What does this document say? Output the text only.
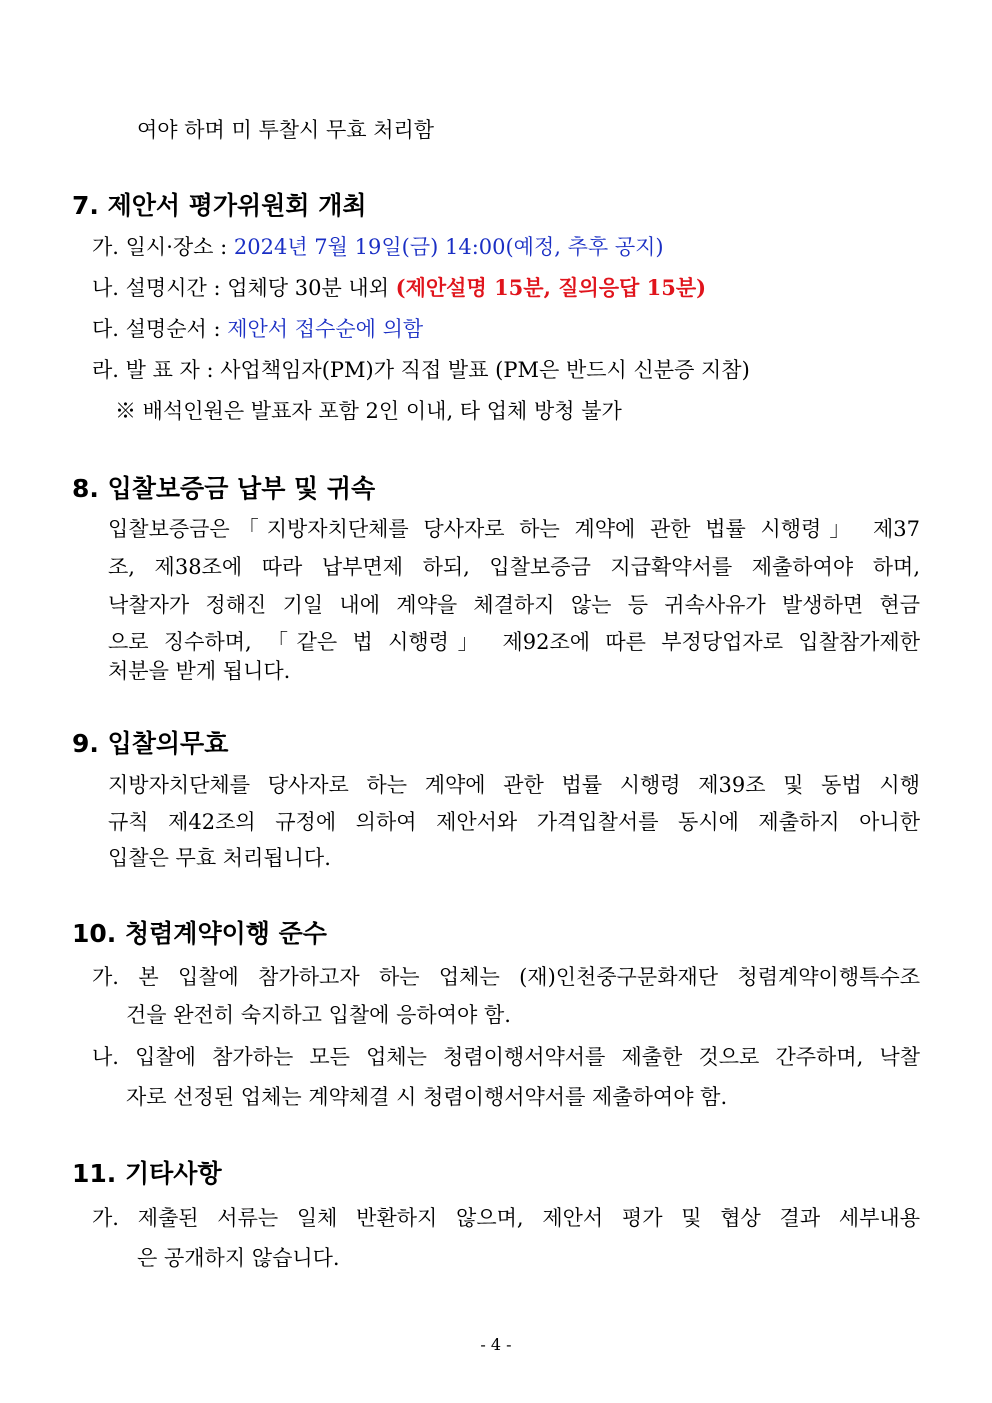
여야 하며 미 투찰시 무효 처리함
7. 제안서 평가위원회 개최
가. 일시·장소 : 2024년 7월 19일(금) 14:00(예정, 추후 공지)
나. 설명시간 : 업체당 30분 내외 (제안설명 15분, 질의응답 15분)
다. 설명순서 : 제안서 접수순에 의함
라. 발 표 자 : 사업책임자(PM)가 직접 발표 (PM은 반드시 신분증 지참)
※ 배석인원은 발표자 포함 2인 이내, 타 업체 방청 불가
8. 입찰보증금 납부 및 귀속
입찰보증금은「지방자치단체를 당사자로 하는 계약에 관한 법률 시행령」 제37
조, 제38조에 따라 납부면제 하되, 입찰보증금 지급확약서를 제출하여야 하며,
낙찰자가 정해진 기일 내에 계약을 체결하지 않는 등 귀속사유가 발생하면 현금
으로 징수하며, 「같은 법 시행령」 제92조에 따른 부정당업자로 입찰참가제한
처분을 받게 됩니다.
9. 입찰의무효
지방자치단체를 당사자로 하는 계약에 관한 법률 시행령 제39조 및 동법 시행
규칙 제42조의 규정에 의하여 제안서와 가격입찰서를 동시에 제출하지 아니한
입찰은 무효 처리됩니다.
10. 청렴계약이행 준수
가. 본 입찰에 참가하고자 하는 업체는 (재)인천중구문화재단 청렴계약이행특수조
건을 완전히 숙지하고 입찰에 응하여야 함.
나. 입찰에 참가하는 모든 업체는 청렴이행서약서를 제출한 것으로 간주하며, 낙찰
자로 선정된 업체는 계약체결 시 청렴이행서약서를 제출하여야 함.
11. 기타사항
가. 제출된 서류는 일체 반환하지 않으며, 제안서 평가 및 협상 결과 세부내용
은 공개하지 않습니다.
- 4 -
